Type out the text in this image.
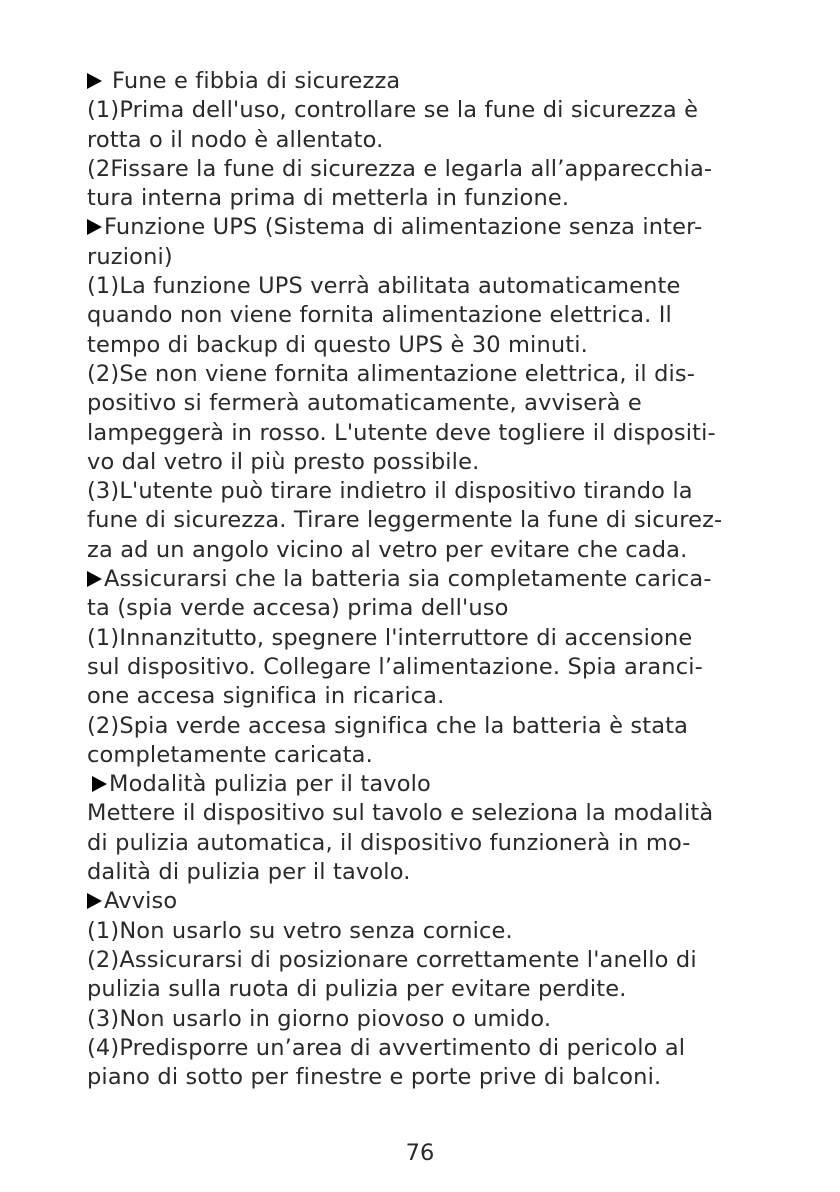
Fune e fibbia di sicurezza
(1)Prima dell'uso, controllare se la fune di sicurezza è
rotta o il nodo è allentato.
(2Fissare la fune di sicurezza e legarla all’apparecchia-
tura interna prima di metterla in funzione.
Funzione UPS (Sistema di alimentazione senza inter-
ruzioni)
(1)La funzione UPS verrà abilitata automaticamente
quando non viene fornita alimentazione elettrica. Il
tempo di backup di questo UPS è 30 minuti.
(2)Se non viene fornita alimentazione elettrica, il dis-
positivo si fermerà automaticamente, avviserà e
lampeggerà in rosso. L'utente deve togliere il dispositi-
vo dal vetro il più presto possibile.
(3)L'utente può tirare indietro il dispositivo tirando la
fune di sicurezza. Tirare leggermente la fune di sicurez-
za ad un angolo vicino al vetro per evitare che cada.
Assicurarsi che la batteria sia completamente carica-
ta (spia verde accesa) prima dell'uso
(1)Innanzitutto, spegnere l'interruttore di accensione
sul dispositivo. Collegare l’alimentazione. Spia aranci-
one accesa significa in ricarica.
(2)Spia verde accesa significa che la batteria è stata
completamente caricata.
Modalità pulizia per il tavolo
Mettere il dispositivo sul tavolo e seleziona la modalità
di pulizia automatica, il dispositivo funzionerà in mo-
dalità di pulizia per il tavolo.
Avviso
(1)Non usarlo su vetro senza cornice.
(2)Assicurarsi di posizionare correttamente l'anello di
pulizia sulla ruota di pulizia per evitare perdite.
(3)Non usarlo in giorno piovoso o umido.
(4)Predisporre un’area di avvertimento di pericolo al
piano di sotto per finestre e porte prive di balconi.
76
